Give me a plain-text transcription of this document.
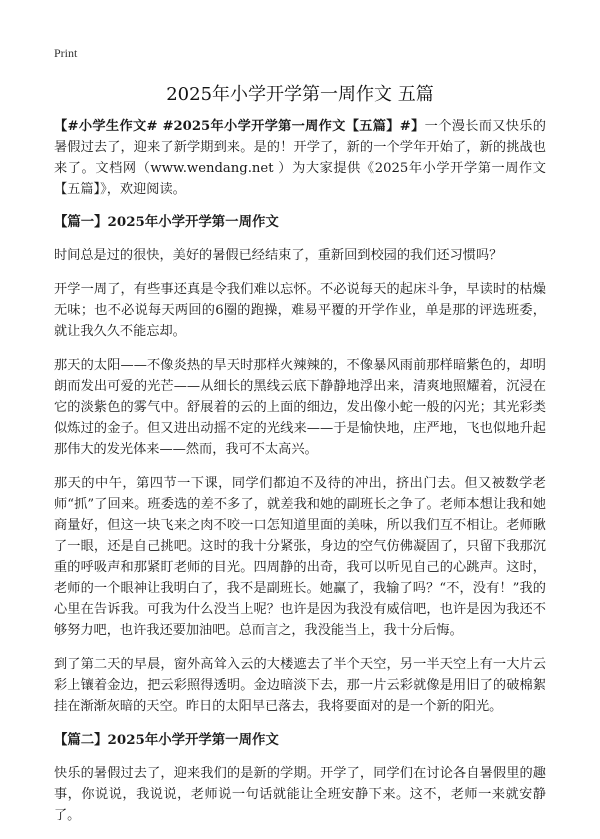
Print
2025年小学开学第一周作文 五篇

【#小学生作文# #2025年小学开学第一周作文【五篇】#】一个漫长而又快乐的暑假过去了，迎来了新学期到来。是的！开学了，新的一个学年开始了，新的挑战也来了。文档网（www.wendang.net ）为大家提供《2025年小学开学第一周作文【五篇】》，欢迎阅读。

【篇一】2025年小学开学第一周作文

时间总是过的很快，美好的暑假已经结束了，重新回到校园的我们还习惯吗？

开学一周了，有些事还真是令我们难以忘怀。不必说每天的起床斗争，早读时的枯燥无味；也不必说每天两回的6圈的跑操，难易平覆的开学作业，单是那的评选班委，就让我久久不能忘却。

那天的太阳——不像炎热的旱天时那样火辣辣的，不像暴风雨前那样暗紫色的，却明朗而发出可爱的光芒——从细长的黑线云底下静静地浮出来，清爽地照耀着，沉浸在它的淡紫色的雾气中。舒展着的云的上面的细边，发出像小蛇一般的闪光；其光彩类似炼过的金子。但又进出动摇不定的光线来——于是愉快地，庄严地，飞也似地升起那伟大的发光体来——然而，我可不太高兴。

那天的中午，第四节一下课，同学们都迫不及待的冲出，挤出门去。但又被数学老师“抓”了回来。班委选的差不多了，就差我和她的副班长之争了。老师本想让我和她商量好，但这一块飞来之肉不咬一口怎知道里面的美味，所以我们互不相让。老师瞅了一眼，还是自己挑吧。这时的我十分紧张，身边的空气仿佛凝固了，只留下我那沉重的呼吸声和那紧盯老师的目光。四周静的出奇，我可以听见自己的心跳声。这时，老师的一个眼神让我明白了，我不是副班长。她赢了，我输了吗？“不，没有！”我的心里在告诉我。可我为什么没当上呢？也许是因为我没有威信吧，也许是因为我还不够努力吧，也许我还要加油吧。总而言之，我没能当上，我十分后悔。

到了第二天的早晨，窗外高耸入云的大楼遮去了半个天空，另一半天空上有一大片云彩上镶着金边，把云彩照得透明。金边暗淡下去，那一片云彩就像是用旧了的破棉絮挂在渐渐灰暗的天空。昨日的太阳早已落去，我将要面对的是一个新的阳光。

【篇二】2025年小学开学第一周作文

快乐的暑假过去了，迎来我们的是新的学期。开学了，同学们在讨论各自暑假里的趣事，你说说，我说说，老师说一句话就能让全班安静下来。这不，老师一来就安静了。
